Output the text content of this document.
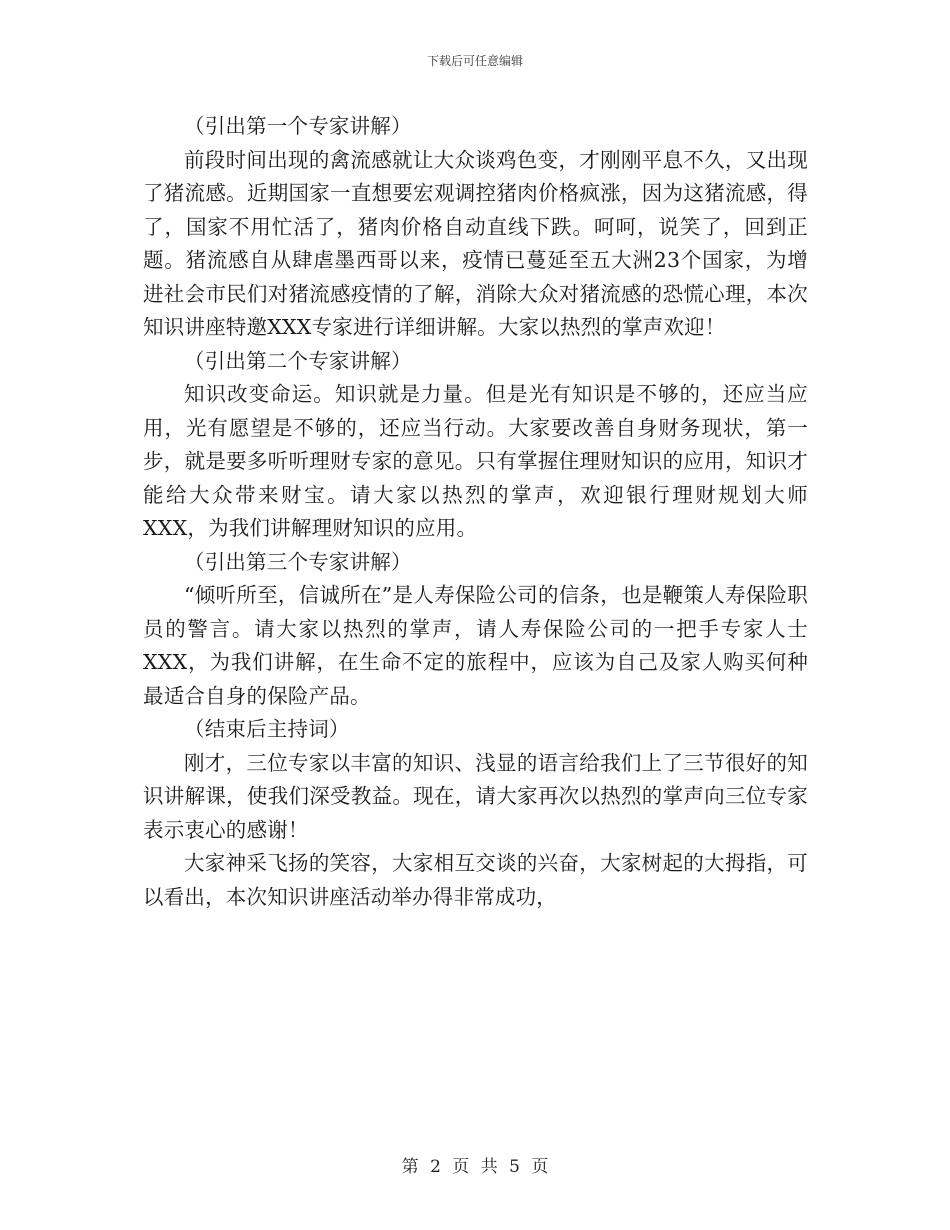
下载后可任意编辑

（引出第一个专家讲解）

前段时间出现的禽流感就让大众谈鸡色变，才刚刚平息不久，又出现了猪流感。近期国家一直想要宏观调控猪肉价格疯涨，因为这猪流感，得了，国家不用忙活了，猪肉价格自动直线下跌。呵呵，说笑了，回到正题。猪流感自从肆虐墨西哥以来，疫情已蔓延至五大洲23个国家，为增进社会市民们对猪流感疫情的了解，消除大众对猪流感的恐慌心理，本次知识讲座特邀XXX专家进行详细讲解。大家以热烈的掌声欢迎！

（引出第二个专家讲解）

知识改变命运。知识就是力量。但是光有知识是不够的，还应当应用，光有愿望是不够的，还应当行动。大家要改善自身财务现状，第一步，就是要多听听理财专家的意见。只有掌握住理财知识的应用，知识才能给大众带来财宝。请大家以热烈的掌声，欢迎银行理财规划大师XXX，为我们讲解理财知识的应用。

（引出第三个专家讲解）

“倾听所至，信诚所在”是人寿保险公司的信条，也是鞭策人寿保险职员的警言。请大家以热烈的掌声，请人寿保险公司的一把手专家人士XXX，为我们讲解，在生命不定的旅程中，应该为自己及家人购买何种最适合自身的保险产品。

（结束后主持词）

刚才，三位专家以丰富的知识、浅显的语言给我们上了三节很好的知识讲解课，使我们深受教益。现在，请大家再次以热烈的掌声向三位专家表示衷心的感谢！

大家神采飞扬的笑容，大家相互交谈的兴奋，大家树起的大拇指，可以看出，本次知识讲座活动举办得非常成功，

第 2 页 共 5 页
